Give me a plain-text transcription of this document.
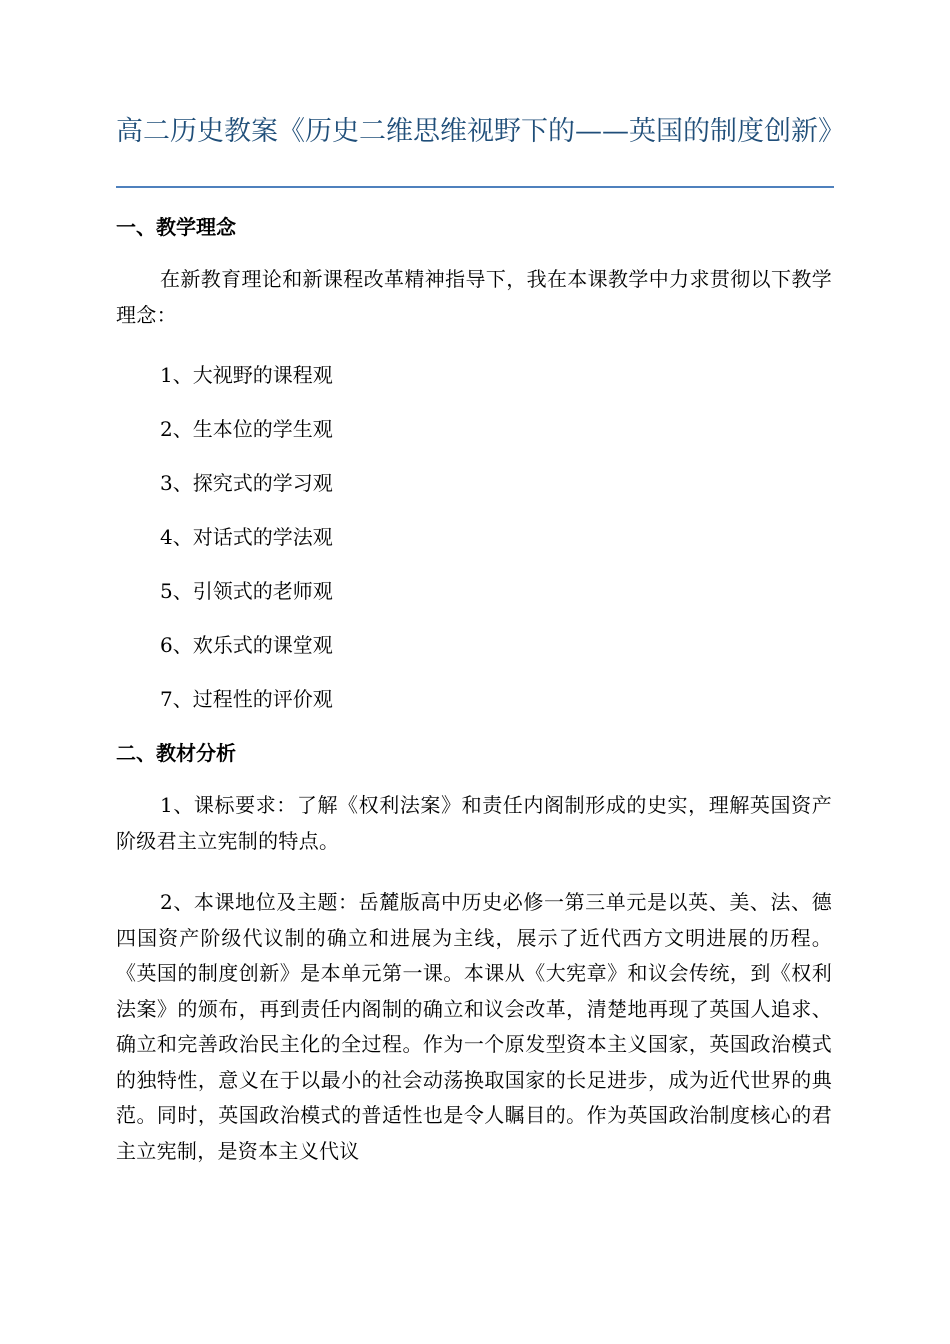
高二历史教案《历史二维思维视野下的——英国的制度创新》
一、教学理念
在新教育理论和新课程改革精神指导下，我在本课教学中力求贯彻以下教学理念：
1、大视野的课程观
2、生本位的学生观
3、探究式的学习观
4、对话式的学法观
5、引领式的老师观
6、欢乐式的课堂观
7、过程性的评价观
二、教材分析
1、课标要求：了解《权利法案》和责任内阁制形成的史实，理解英国资产阶级君主立宪制的特点。
2、本课地位及主题：岳麓版高中历史必修一第三单元是以英、美、法、德四国资产阶级代议制的确立和进展为主线，展示了近代西方文明进展的历程。《英国的制度创新》是本单元第一课。本课从《大宪章》和议会传统，到《权利法案》的颁布，再到责任内阁制的确立和议会改革，清楚地再现了英国人追求、确立和完善政治民主化的全过程。作为一个原发型资本主义国家，英国政治模式的独特性，意义在于以最小的社会动荡换取国家的长足进步，成为近代世界的典范。同时，英国政治模式的普适性也是令人瞩目的。作为英国政治制度核心的君主立宪制，是资本主义代议
